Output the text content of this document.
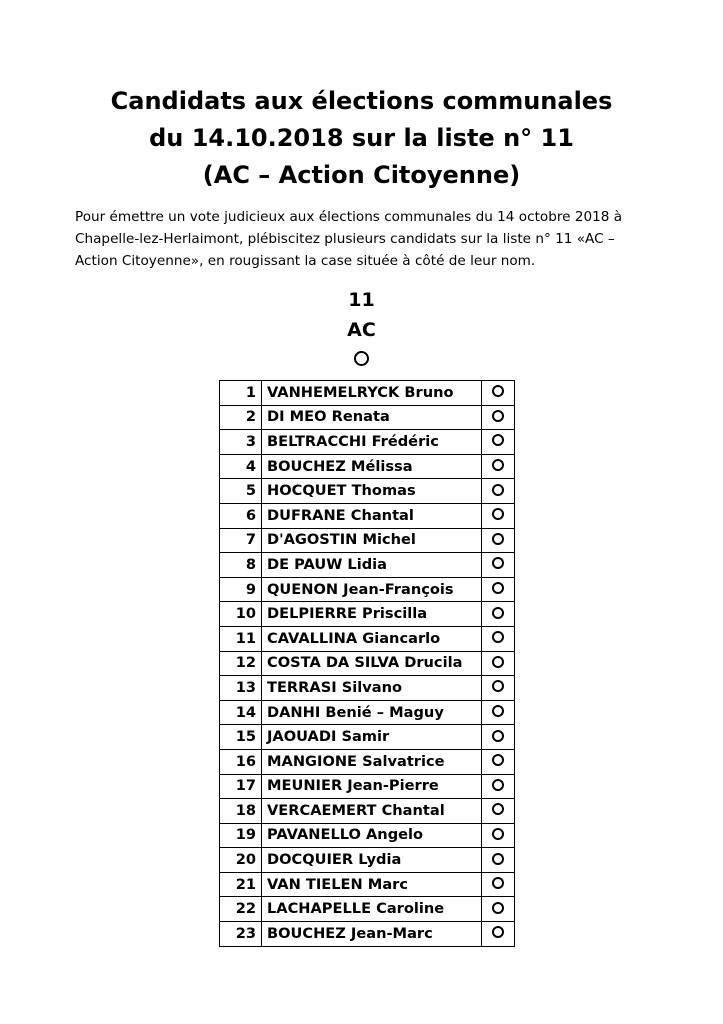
Candidats aux élections communales
du 14.10.2018 sur la liste n° 11
(AC – Action Citoyenne)
Pour émettre un vote judicieux aux élections communales du 14 octobre 2018 à
Chapelle-lez-Herlaimont, plébiscitez plusieurs candidats sur la liste n° 11 «AC –
Action Citoyenne», en rougissant la case située à côté de leur nom.
11
AC
1	VANHEMELRYCK Bruno	
2	DI MEO Renata	
3	BELTRACCHI Frédéric	
4	BOUCHEZ Mélissa	
5	HOCQUET Thomas	
6	DUFRANE Chantal	
7	D'AGOSTIN Michel	
8	DE PAUW Lidia	
9	QUENON Jean-François	
10	DELPIERRE Priscilla	
11	CAVALLINA Giancarlo	
12	COSTA DA SILVA Drucila	
13	TERRASI Silvano	
14	DANHI Benié – Maguy	
15	JAOUADI Samir	
16	MANGIONE Salvatrice	
17	MEUNIER Jean-Pierre	
18	VERCAEMERT Chantal	
19	PAVANELLO Angelo	
20	DOCQUIER Lydia	
21	VAN TIELEN Marc	
22	LACHAPELLE Caroline	
23	BOUCHEZ Jean-Marc	
